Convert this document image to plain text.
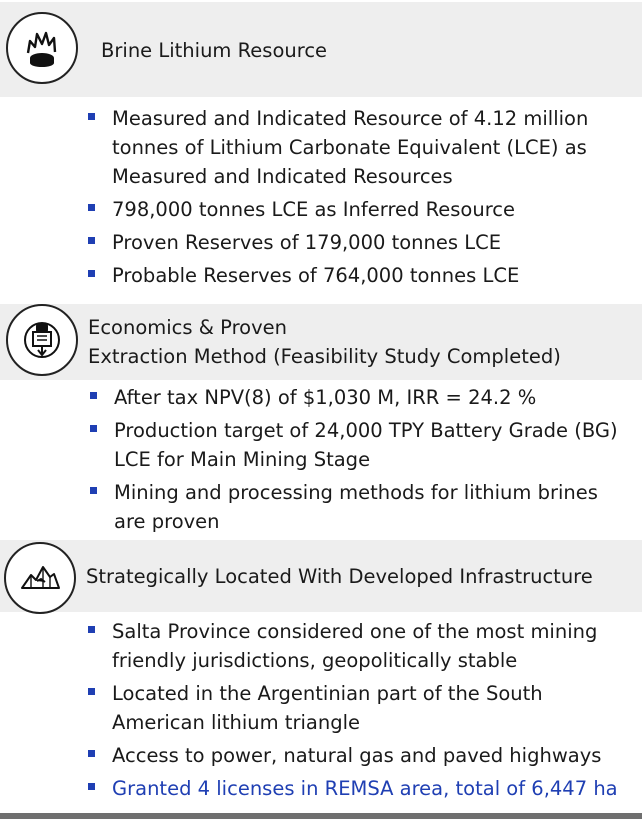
Brine Lithium Resource
Measured and Indicated Resource of 4.12 million tonnes of Lithium Carbonate Equivalent (LCE) as Measured and Indicated Resources
798,000 tonnes LCE as Inferred Resource
Proven Reserves of 179,000 tonnes LCE
Probable Reserves of 764,000 tonnes LCE
Economics & Proven
Extraction Method (Feasibility Study Completed)
After tax NPV(8) of $1,030 M, IRR = 24.2 %
Production target of 24,000 TPY Battery Grade (BG) LCE for Main Mining Stage
Mining and processing methods for lithium brines are proven
Strategically Located With Developed Infrastructure
Salta Province considered one of the most mining friendly jurisdictions, geopolitically stable
Located in the Argentinian part of the South American lithium triangle
Access to power, natural gas and paved highways
Granted 4 licenses in REMSA area, total of 6,447 ha
